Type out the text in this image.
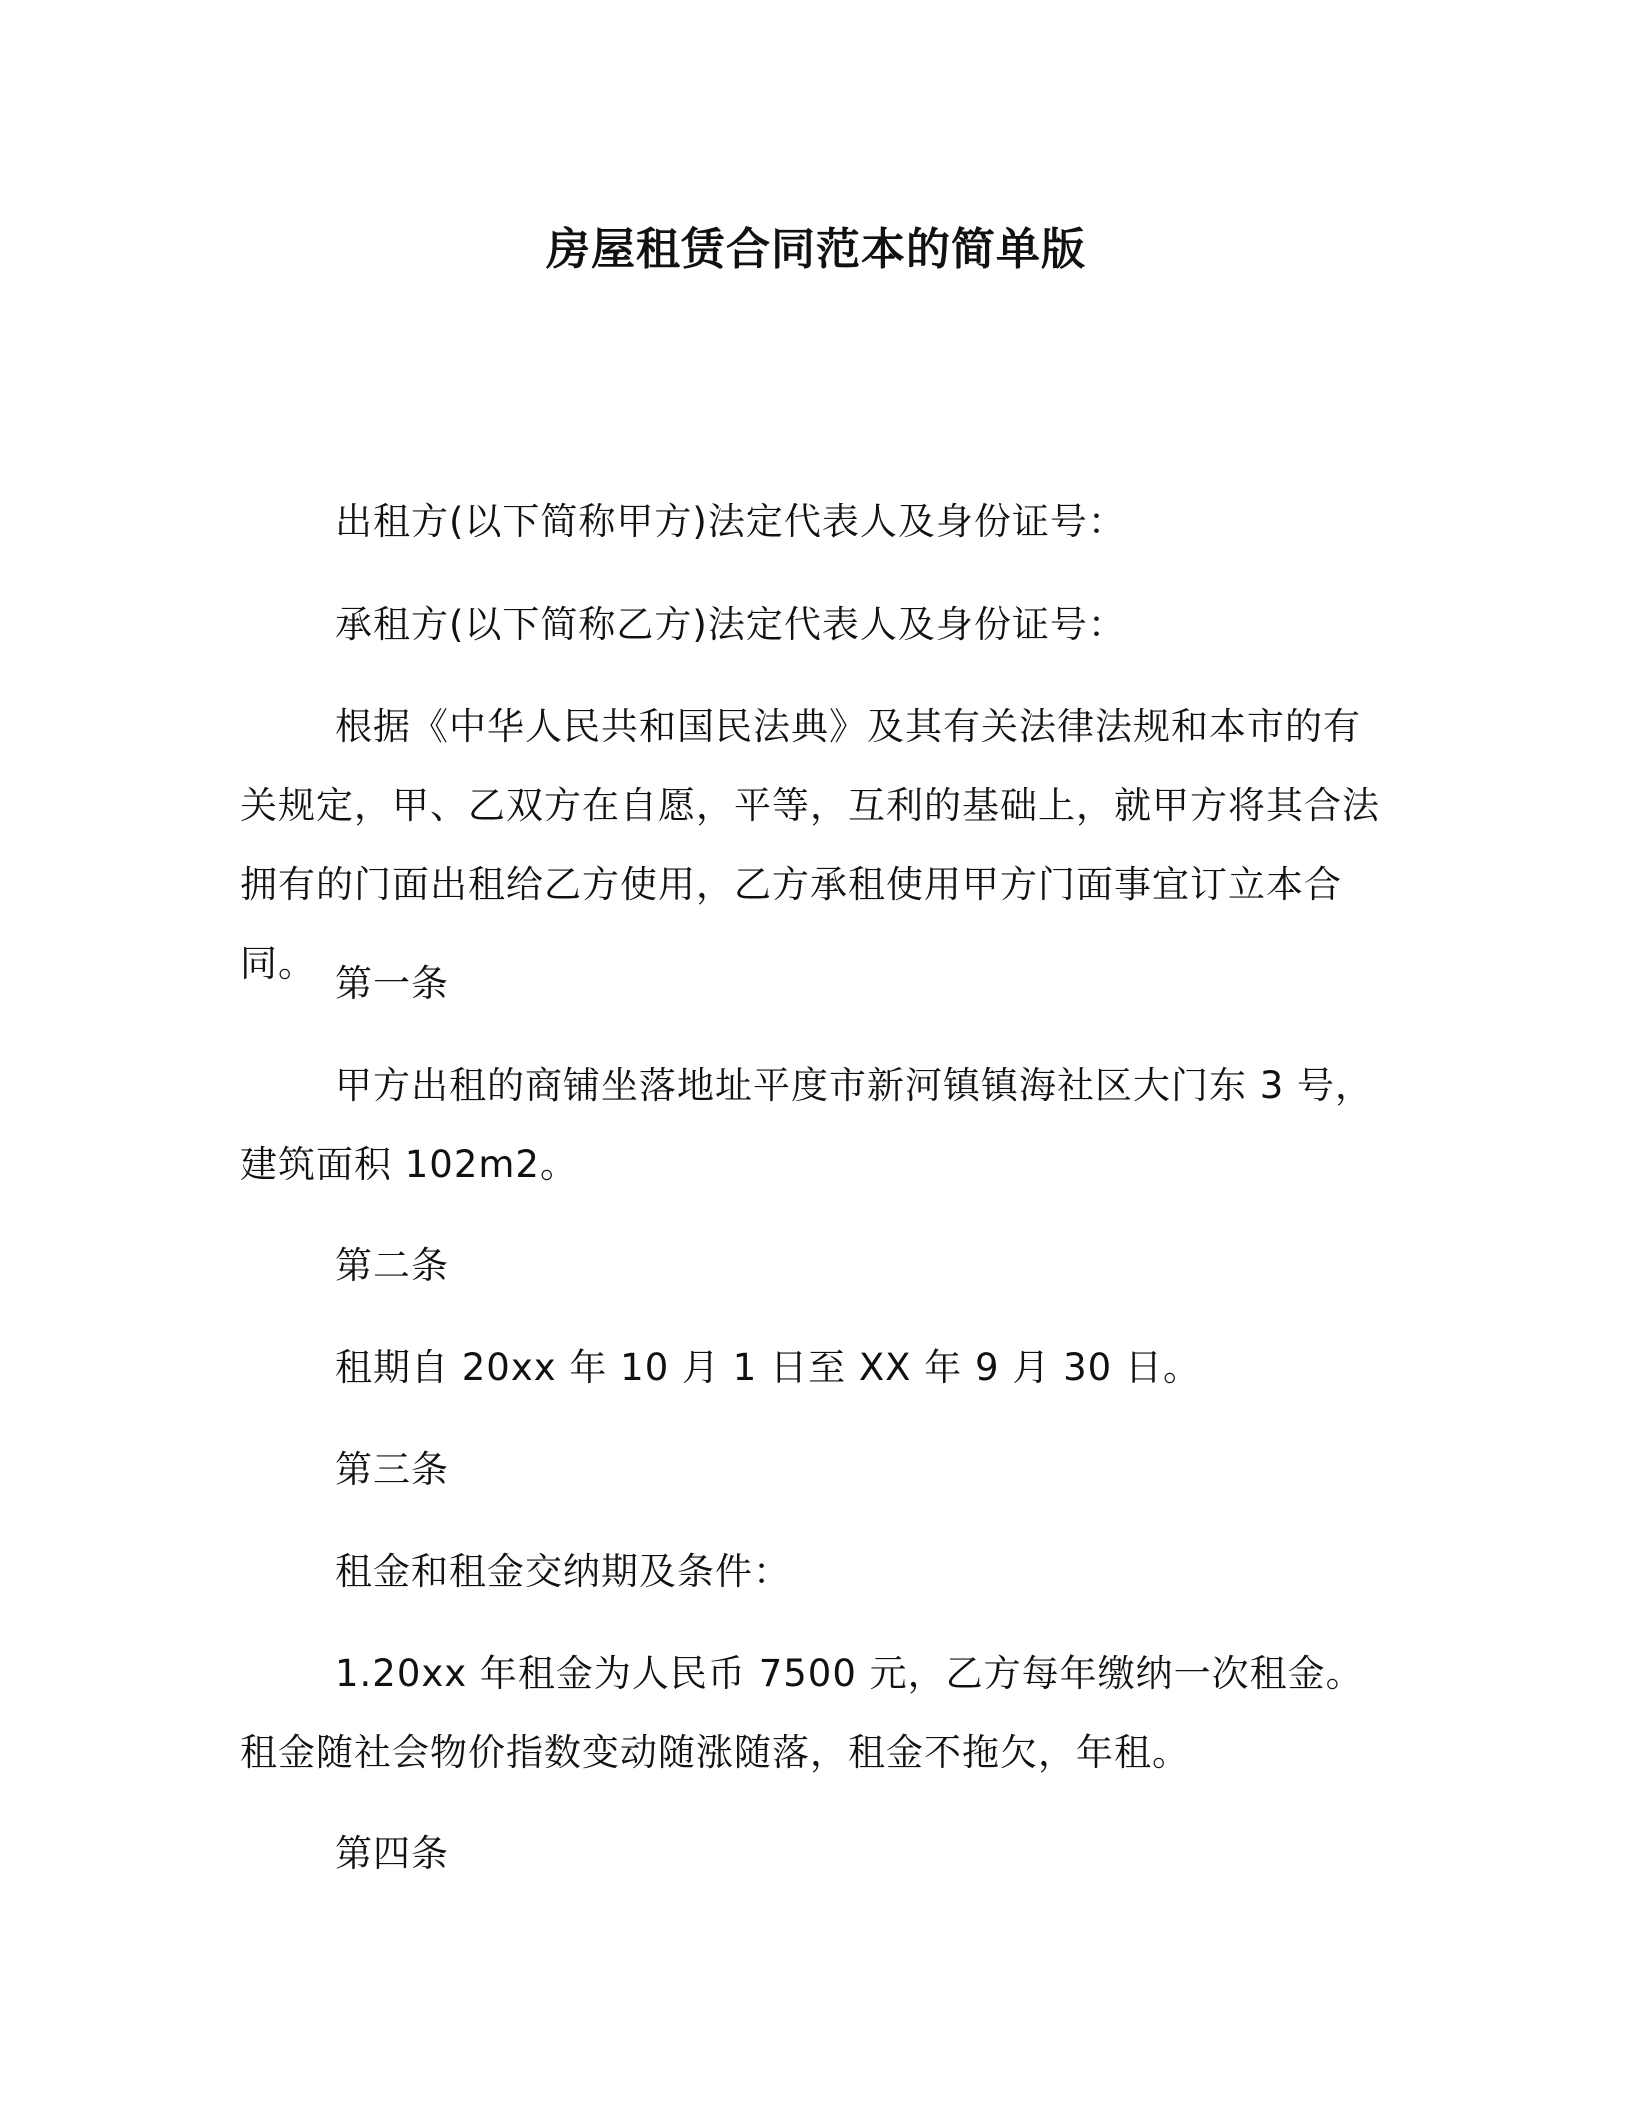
房屋租赁合同范本的简单版

出租方(以下简称甲方)法定代表人及身份证号：

承租方(以下简称乙方)法定代表人及身份证号：

根据《中华人民共和国民法典》及其有关法律法规和本市的有关规定，甲、乙双方在自愿，平等，互利的基础上，就甲方将其合法拥有的门面出租给乙方使用，乙方承租使用甲方门面事宜订立本合同。 第一条

甲方出租的商铺坐落地址平度市新河镇镇海社区大门东 3 号，建筑面积 102m2。

第二条

租期自 20xx 年 10 月 1 日至 XX 年 9 月 30 日。

第三条

租金和租金交纳期及条件：

1.20xx 年租金为人民币 7500 元，乙方每年缴纳一次租金。租金随社会物价指数变动随涨随落，租金不拖欠，年租。

第四条
